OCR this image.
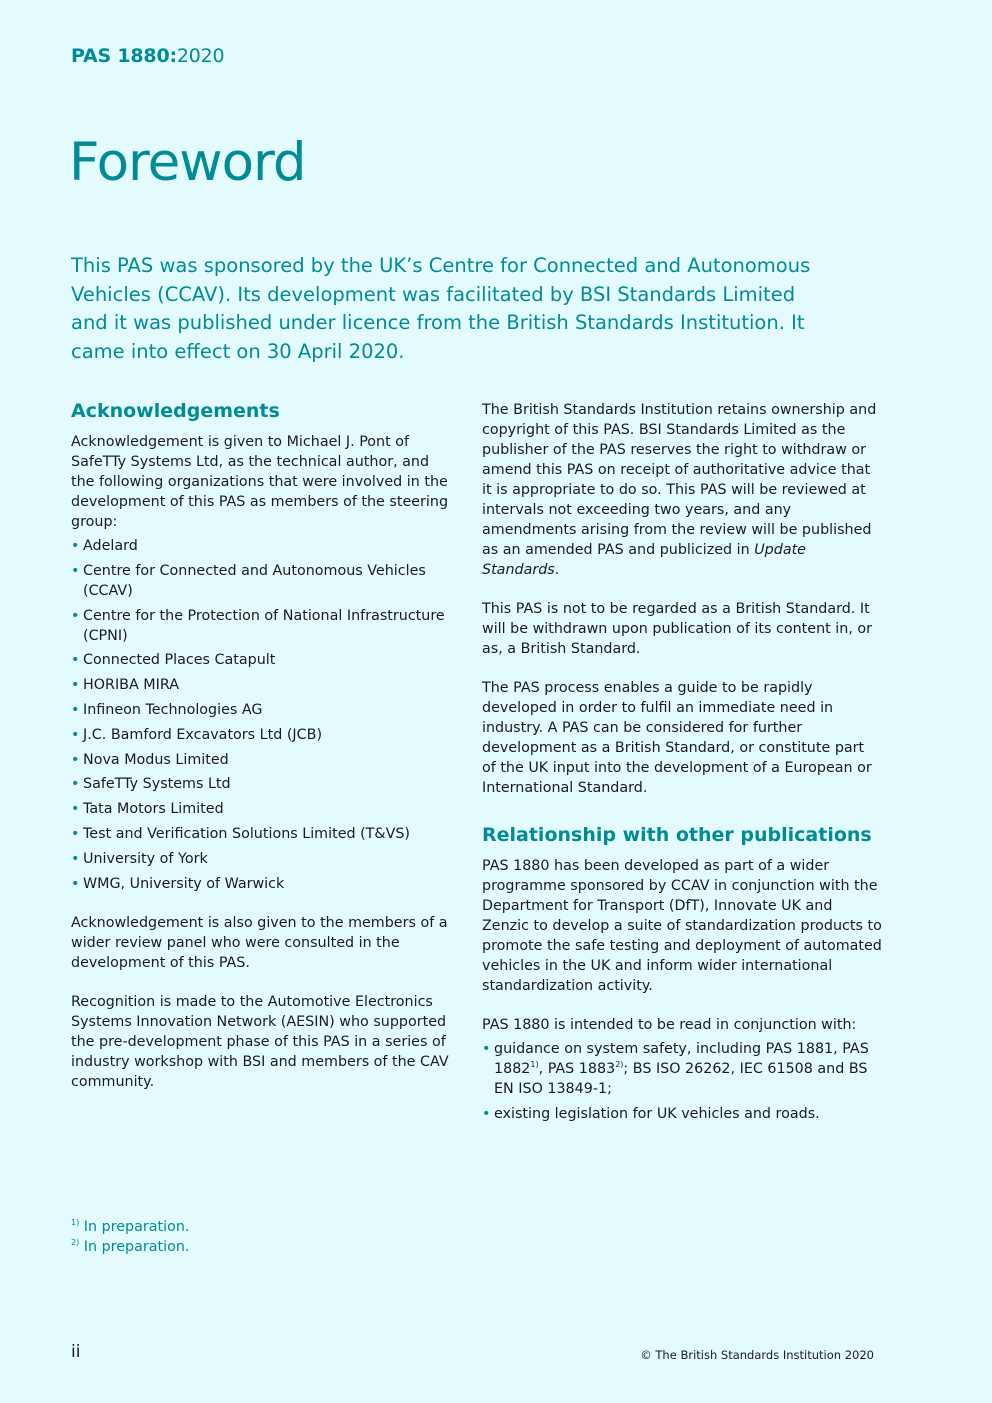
PAS 1880:2020
Foreword

This PAS was sponsored by the UK’s Centre for Connected and Autonomous Vehicles (CCAV). Its development was facilitated by BSI Standards Limited and it was published under licence from the British Standards Institution. It came into effect on 30 April 2020.

Acknowledgements

Acknowledgement is given to Michael J. Pont of SafeTTy Systems Ltd, as the technical author, and the following organizations that were involved in the development of this PAS as members of the steering group:

• Adelard
• Centre for Connected and Autonomous Vehicles (CCAV)
• Centre for the Protection of National Infrastructure (CPNI)
• Connected Places Catapult
• HORIBA MIRA
• Infineon Technologies AG
• J.C. Bamford Excavators Ltd (JCB)
• Nova Modus Limited
• SafeTTy Systems Ltd
• Tata Motors Limited
• Test and Verification Solutions Limited (T&VS)
• University of York
• WMG, University of Warwick

Acknowledgement is also given to the members of a wider review panel who were consulted in the development of this PAS.

Recognition is made to the Automotive Electronics Systems Innovation Network (AESIN) who supported the pre-development phase of this PAS in a series of industry workshop with BSI and members of the CAV community.

The British Standards Institution retains ownership and copyright of this PAS. BSI Standards Limited as the publisher of the PAS reserves the right to withdraw or amend this PAS on receipt of authoritative advice that it is appropriate to do so. This PAS will be reviewed at intervals not exceeding two years, and any amendments arising from the review will be published as an amended PAS and publicized in Update Standards.

This PAS is not to be regarded as a British Standard. It will be withdrawn upon publication of its content in, or as, a British Standard.

The PAS process enables a guide to be rapidly developed in order to fulfil an immediate need in industry. A PAS can be considered for further development as a British Standard, or constitute part of the UK input into the development of a European or International Standard.

Relationship with other publications

PAS 1880 has been developed as part of a wider programme sponsored by CCAV in conjunction with the Department for Transport (DfT), Innovate UK and Zenzic to develop a suite of standardization products to promote the safe testing and deployment of automated vehicles in the UK and inform wider international standardization activity.

PAS 1880 is intended to be read in conjunction with:

• guidance on system safety, including PAS 1881, PAS 1882$^{1)}$, PAS 1883$^{2)}$; BS ISO 26262, IEC 61508 and BS EN ISO 13849-1;
• existing legislation for UK vehicles and roads.
$^{1)}$ In preparation.
$^{2)}$ In preparation.
ii	© The British Standards Institution 2020
